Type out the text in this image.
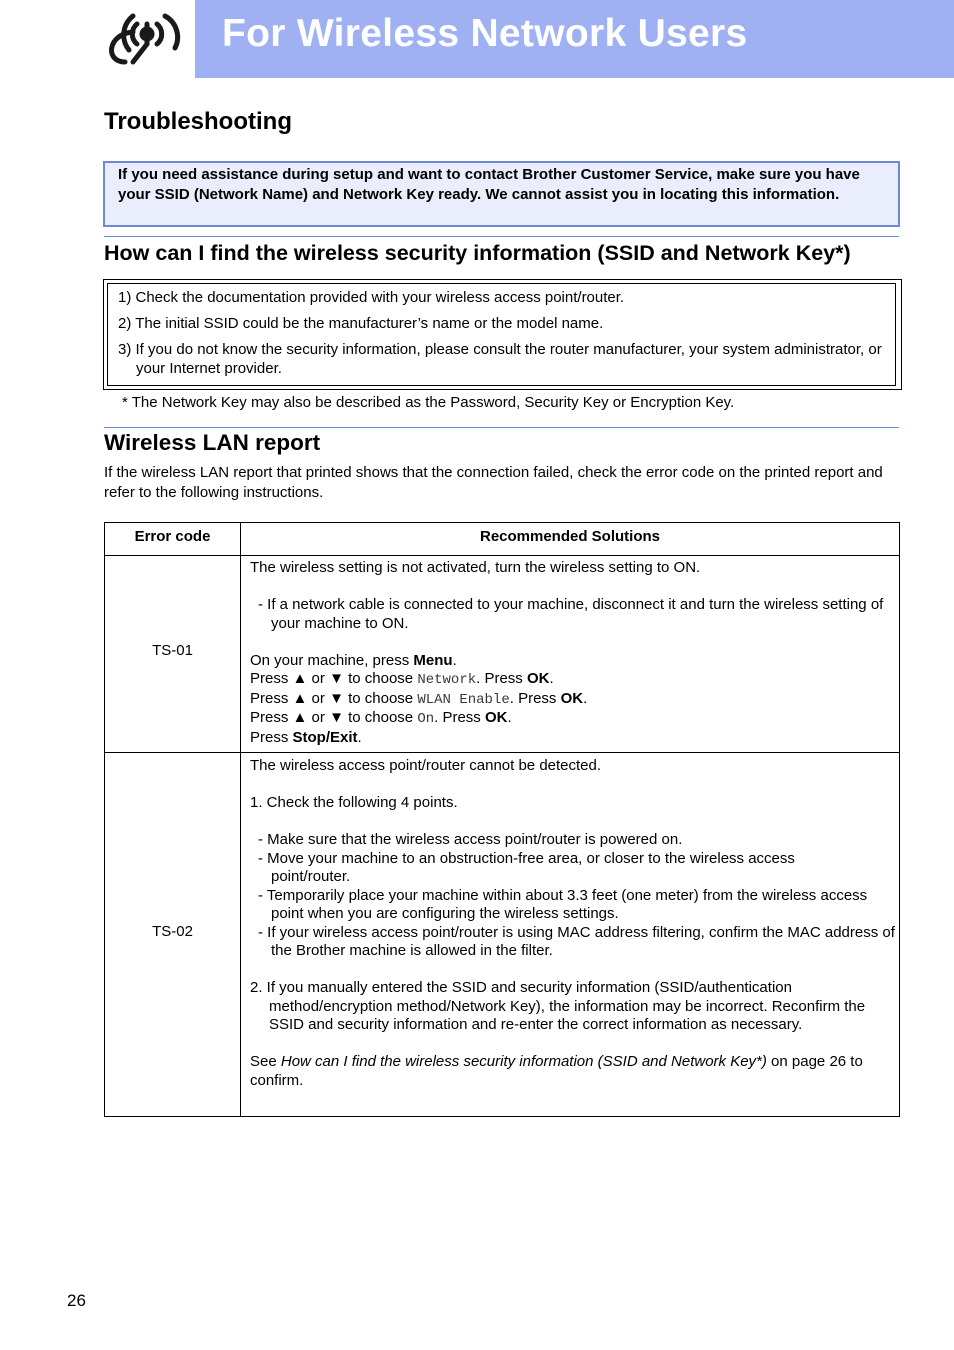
For Wireless Network Users
Troubleshooting
If you need assistance during setup and want to contact Brother Customer Service, make sure you have your SSID (Network Name) and Network Key ready. We cannot assist you in locating this information.
How can I find the wireless security information (SSID and Network Key*)
1) Check the documentation provided with your wireless access point/router.
2) The initial SSID could be the manufacturer’s name or the model name.
3) If you do not know the security information, please consult the router manufacturer, your system administrator, or your Internet provider.
* The Network Key may also be described as the Password, Security Key or Encryption Key.
Wireless LAN report
If the wireless LAN report that printed shows that the connection failed, check the error code on the printed report and refer to the following instructions.
Error code	Recommended Solutions
TS-01

The wireless setting is not activated, turn the wireless setting to ON.

- If a network cable is connected to your machine, disconnect it and turn the wireless setting of your machine to ON.

On your machine, press Menu.

Press ▲ or ▼ to choose Network. Press OK.

Press ▲ or ▼ to choose WLAN Enable. Press OK.

Press ▲ or ▼ to choose On. Press OK.

Press Stop/Exit.

TS-02

The wireless access point/router cannot be detected.

1. Check the following 4 points.

- Make sure that the wireless access point/router is powered on.

- Move your machine to an obstruction-free area, or closer to the wireless access point/router.

- Temporarily place your machine within about 3.3 feet (one meter) from the wireless access point when you are configuring the wireless settings.

- If your wireless access point/router is using MAC address filtering, confirm the MAC address of the Brother machine is allowed in the filter.

2. If you manually entered the SSID and security information (SSID/authentication method/encryption method/Network Key), the information may be incorrect. Reconfirm the SSID and security information and re-enter the correct information as necessary.

See How can I find the wireless security information (SSID and Network Key*) on page 26 to confirm.

26
